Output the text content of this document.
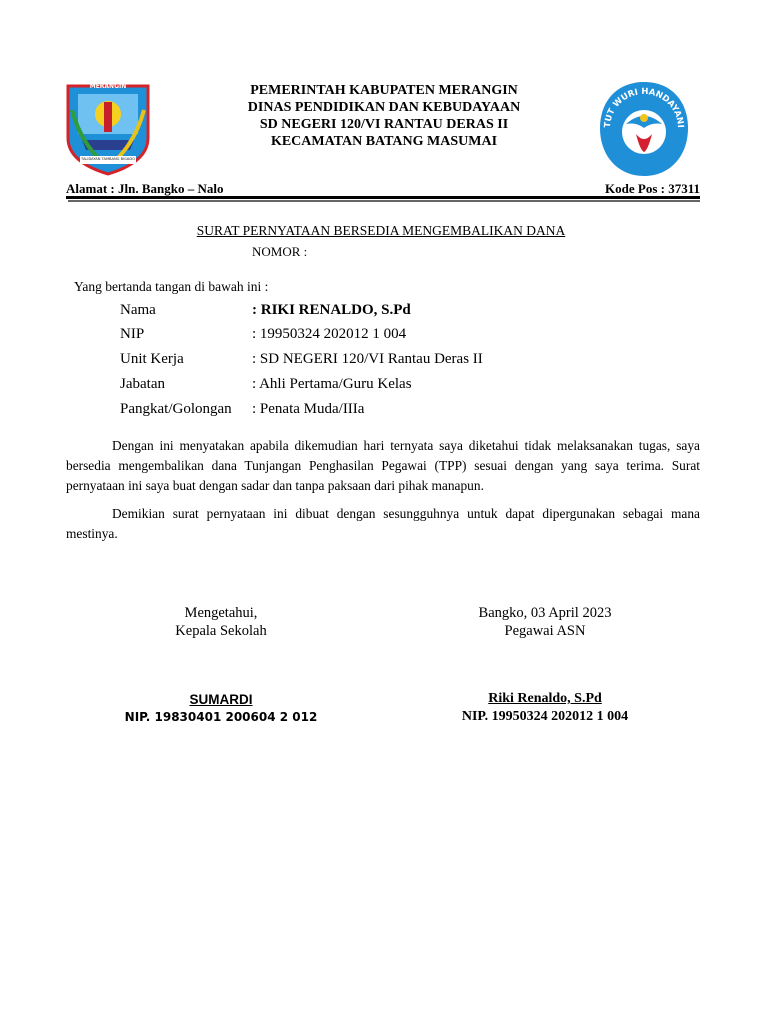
MERANGIN
TALIDAYAN TAMBANG BIGADO
PEMERINTAH KABUPATEN MERANGIN
DINAS PENDIDIKAN DAN KEBUDAYAAN
SD NEGERI 120/VI RANTAU DERAS II
KECAMATAN BATANG MASUMAI
TUT WURI HANDAYANI
Alamat : Jln. Bangko – Nalo	Kode Pos : 37311
SURAT PERNYATAAN BERSEDIA MENGEMBALIKAN DANA
NOMOR :
Yang bertanda tangan di bawah ini :
Nama	: RIKI RENALDO, S.Pd
NIP	: 19950324 202012 1 004
Unit Kerja	: SD NEGERI 120/VI Rantau Deras II
Jabatan	: Ahli Pertama/Guru Kelas
Pangkat/Golongan : Penata Muda/IIIa
Dengan ini menyatakan apabila dikemudian hari ternyata saya diketahui tidak melaksanakan tugas, saya bersedia mengembalikan dana Tunjangan Penghasilan Pegawai (TPP) sesuai dengan yang saya terima. Surat pernyataan ini saya buat dengan sadar dan tanpa paksaan dari pihak manapun.
Demikian surat pernyataan ini dibuat dengan sesungguhnya untuk dapat dipergunakan sebagai mana mestinya.
Mengetahui,
Kepala Sekolah
SUMARDI
NIP. 19830401 200604 2 012
Bangko, 03 April 2023
Pegawai ASN
Riki Renaldo, S.Pd
NIP. 19950324 202012 1 004
